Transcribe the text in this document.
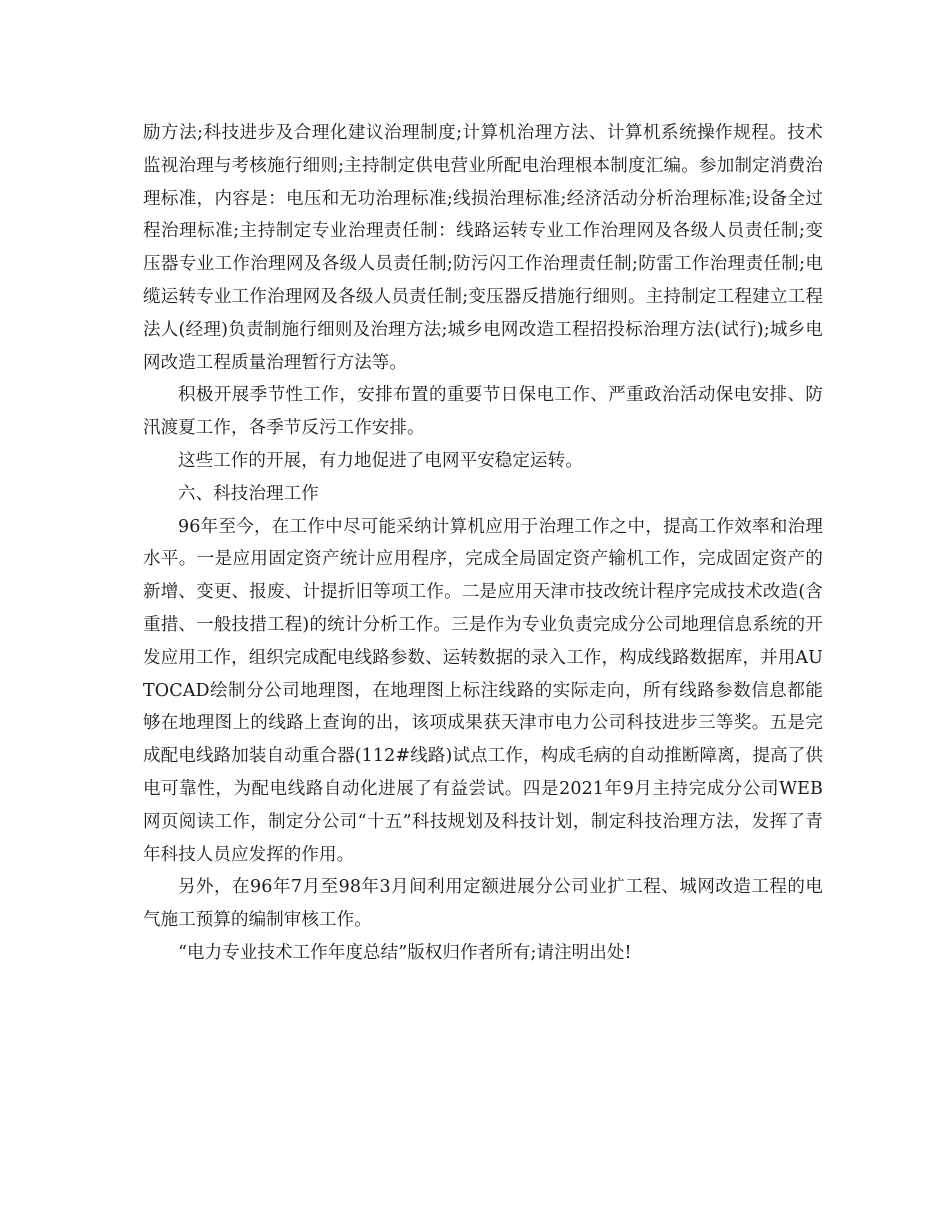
励方法;科技进步及合理化建议治理制度;计算机治理方法、计算机系统操作规程。技术监视治理与考核施行细则;主持制定供电营业所配电治理根本制度汇编。参加制定消费治理标准，内容是：电压和无功治理标准;线损治理标准;经济活动分析治理标准;设备全过程治理标准;主持制定专业治理责任制：线路运转专业工作治理网及各级人员责任制;变压器专业工作治理网及各级人员责任制;防污闪工作治理责任制;防雷工作治理责任制;电缆运转专业工作治理网及各级人员责任制;变压器反措施行细则。主持制定工程建立工程法人(经理)负责制施行细则及治理方法;城乡电网改造工程招投标治理方法(试行);城乡电网改造工程质量治理暂行方法等。

积极开展季节性工作，安排布置的重要节日保电工作、严重政治活动保电安排、防汛渡夏工作，各季节反污工作安排。

这些工作的开展，有力地促进了电网平安稳定运转。

六、科技治理工作

96年至今，在工作中尽可能采纳计算机应用于治理工作之中，提高工作效率和治理水平。一是应用固定资产统计应用程序，完成全局固定资产输机工作，完成固定资产的新增、变更、报废、计提折旧等项工作。二是应用天津市技改统计程序完成技术改造(含重措、一般技措工程)的统计分析工作。三是作为专业负责完成分公司地理信息系统的开发应用工作，组织完成配电线路参数、运转数据的录入工作，构成线路数据库，并用AUTOCAD绘制分公司地理图，在地理图上标注线路的实际走向，所有线路参数信息都能够在地理图上的线路上查询的出，该项成果获天津市电力公司科技进步三等奖。五是完成配电线路加装自动重合器(112#线路)试点工作，构成毛病的自动推断障离，提高了供电可靠性，为配电线路自动化进展了有益尝试。四是2021年9月主持完成分公司WEB网页阅读工作，制定分公司“十五”科技规划及科技计划，制定科技治理方法，发挥了青年科技人员应发挥的作用。

另外，在96年7月至98年3月间利用定额进展分公司业扩工程、城网改造工程的电气施工预算的编制审核工作。

“电力专业技术工作年度总结”版权归作者所有;请注明出处!
